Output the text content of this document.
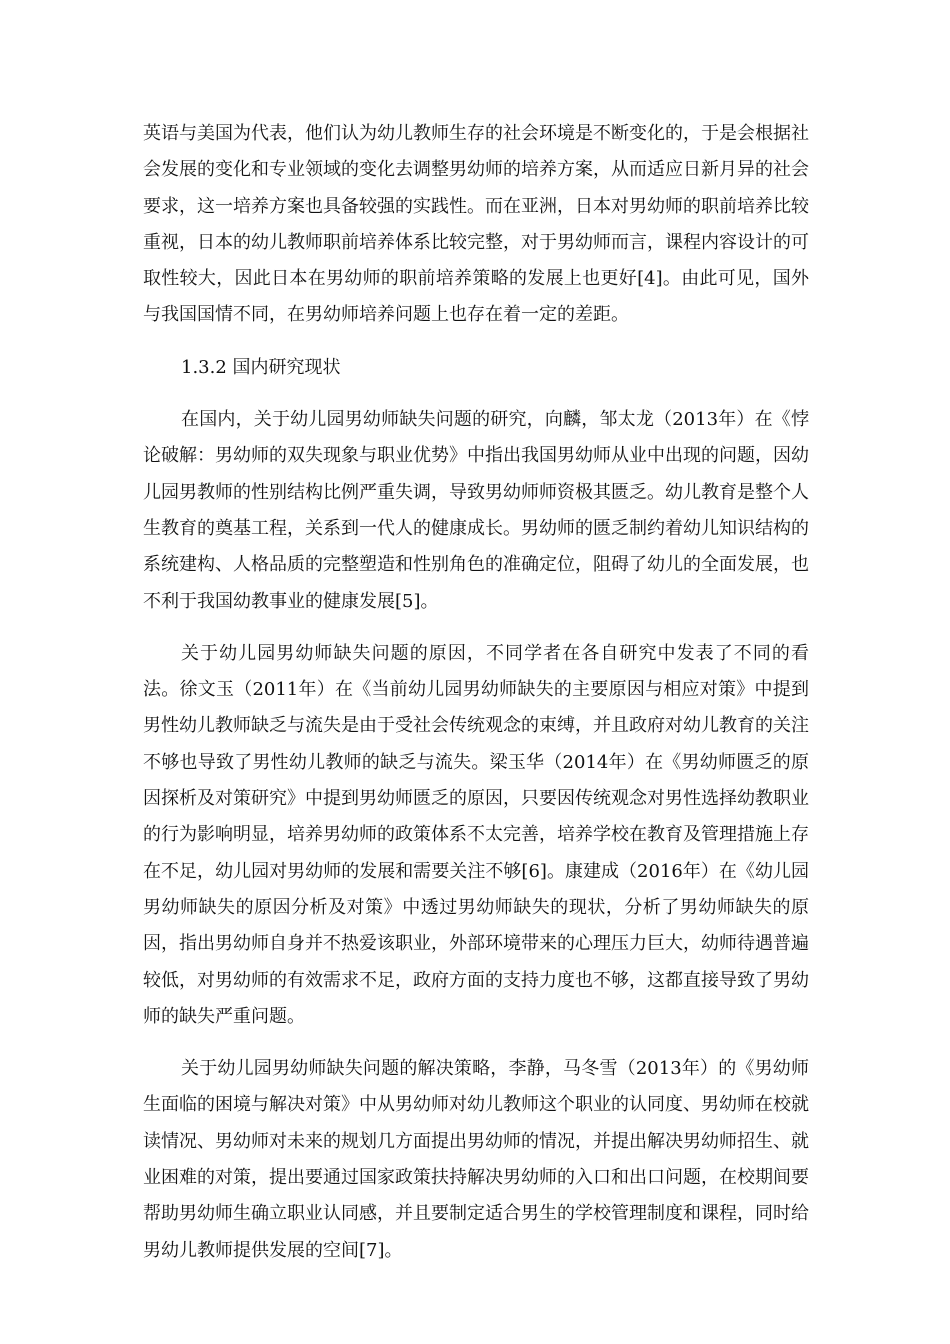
英语与美国为代表，他们认为幼儿教师生存的社会环境是不断变化的，于是会根据社会发展的变化和专业领域的变化去调整男幼师的培养方案，从而适应日新月异的社会要求，这一培养方案也具备较强的实践性。而在亚洲，日本对男幼师的职前培养比较重视，日本的幼儿教师职前培养体系比较完整，对于男幼师而言，课程内容设计的可取性较大，因此日本在男幼师的职前培养策略的发展上也更好[4]。由此可见，国外与我国国情不同，在男幼师培养问题上也存在着一定的差距。

1.3.2 国内研究现状

在国内，关于幼儿园男幼师缺失问题的研究，向麟，邹太龙（2013年）在《悖论破解：男幼师的双失现象与职业优势》中指出我国男幼师从业中出现的问题，因幼儿园男教师的性别结构比例严重失调，导致男幼师师资极其匮乏。幼儿教育是整个人生教育的奠基工程，关系到一代人的健康成长。男幼师的匮乏制约着幼儿知识结构的系统建构、人格品质的完整塑造和性别角色的准确定位，阻碍了幼儿的全面发展，也不利于我国幼教事业的健康发展[5]。

关于幼儿园男幼师缺失问题的原因，不同学者在各自研究中发表了不同的看法。徐文玉（2011年）在《当前幼儿园男幼师缺失的主要原因与相应对策》中提到男性幼儿教师缺乏与流失是由于受社会传统观念的束缚，并且政府对幼儿教育的关注不够也导致了男性幼儿教师的缺乏与流失。梁玉华（2014年）在《男幼师匮乏的原因探析及对策研究》中提到男幼师匮乏的原因，只要因传统观念对男性选择幼教职业的行为影响明显，培养男幼师的政策体系不太完善，培养学校在教育及管理措施上存在不足，幼儿园对男幼师的发展和需要关注不够[6]。康建成（2016年）在《幼儿园男幼师缺失的原因分析及对策》中透过男幼师缺失的现状，分析了男幼师缺失的原因，指出男幼师自身并不热爱该职业，外部环境带来的心理压力巨大，幼师待遇普遍较低，对男幼师的有效需求不足，政府方面的支持力度也不够，这都直接导致了男幼师的缺失严重问题。

关于幼儿园男幼师缺失问题的解决策略，李静，马冬雪（2013年）的《男幼师生面临的困境与解决对策》中从男幼师对幼儿教师这个职业的认同度、男幼师在校就读情况、男幼师对未来的规划几方面提出男幼师的情况，并提出解决男幼师招生、就业困难的对策，提出要通过国家政策扶持解决男幼师的入口和出口问题，在校期间要帮助男幼师生确立职业认同感，并且要制定适合男生的学校管理制度和课程，同时给男幼儿教师提供发展的空间[7]。
